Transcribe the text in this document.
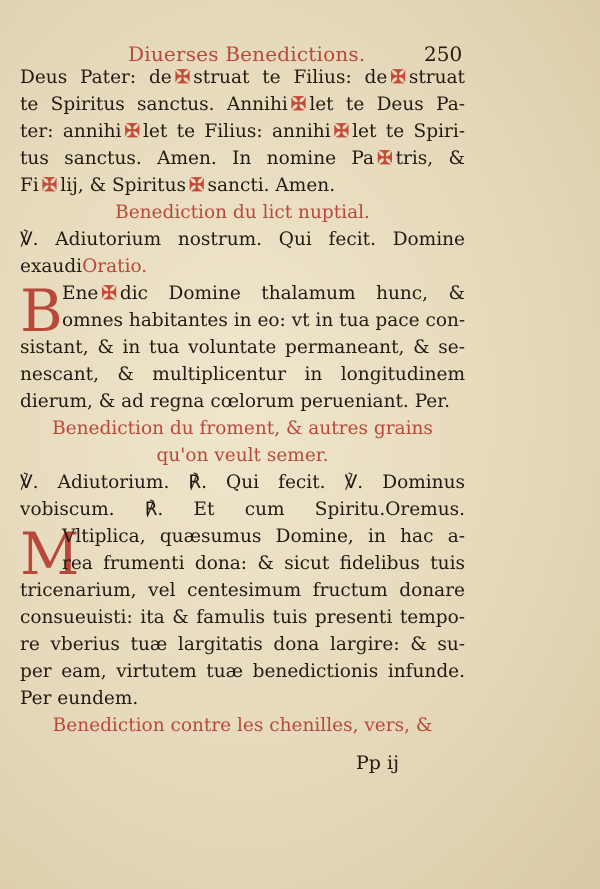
Diuerses Benedictions.	250
Deus Pater: de ✠ struat te Filius: de ✠ struat
te Spiritus sanctus. Annihi ✠ let te Deus Pa-
ter: annihi ✠ let te Filius: annihi ✠ let te Spiri-
tus sanctus. Amen. In nomine Pa ✠ tris, &
Fi ✠ lij, & Spiritus ✠ sancti. Amen.
Benediction du lict nuptial.
℣. Adiutorium nostrum. Qui fecit. Domine
exaudiOratio.
B Ene ✠ dic Domine thalamum hunc, &
omnes habitantes in eo: vt in tua pace con-
sistant, & in tua voluntate permaneant, & se-
nescant, & multiplicentur in longitudinem
dierum, & ad regna cœlorum perueniant. Per.
Benediction du froment, & autres grains
qu'on veult semer.
℣. Adiutorium. ℟. Qui fecit. ℣. Dominus
vobiscum. ℟. Et cum Spiritu.Oremus.
M
Vltiplica, quæsumus Domine, in hac a-
rea frumenti dona: & sicut fidelibus tuis
tricenarium, vel centesimum fructum donare
consueuisti: ita & famulis tuis presenti tempo-
re vberius tuæ largitatis dona largire: & su-
per eam, virtutem tuæ benedictionis infunde.
Per eundem.
Benediction contre les chenilles, vers, &
Pp ij
